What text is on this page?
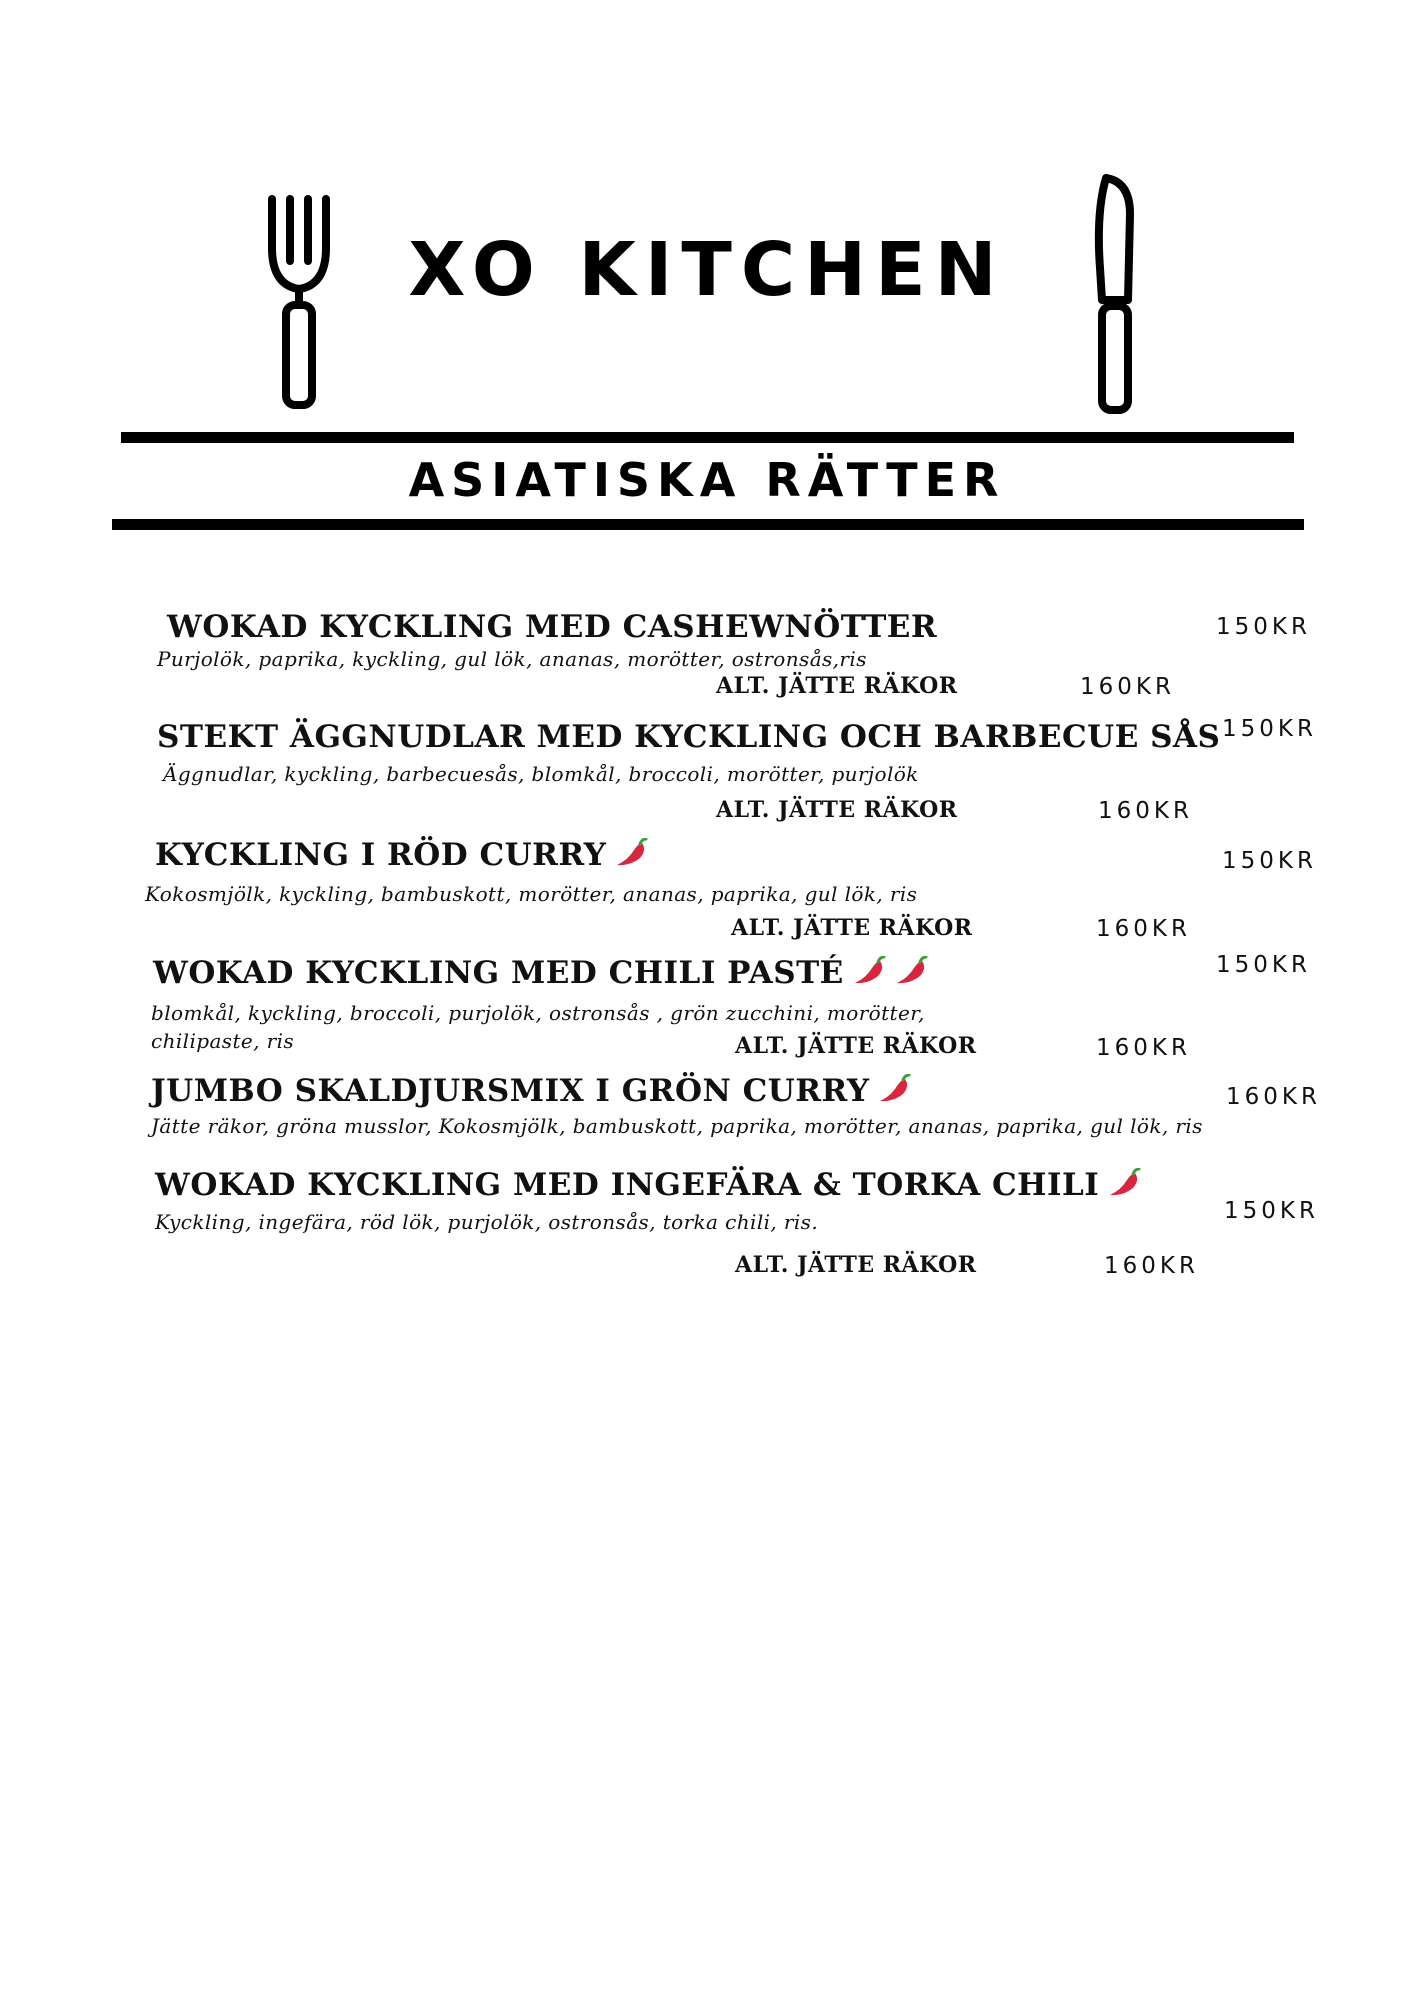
XO KITCHEN
ASIATISKA RÄTTER
WOKAD KYCKLING MED CASHEWNÖTTER	150KR
Purjolök, paprika, kyckling, gul lök, ananas, morötter, ostronsås,ris
ALT. JÄTTE RÄKOR	160KR
STEKT ÄGGNUDLAR MED KYCKLING OCH BARBECUE SÅS 150KR
Äggnudlar, kyckling, barbecuesås, blomkål, broccoli, morötter, purjolök
ALT. JÄTTE RÄKOR	160KR
KYCKLING I RÖD CURRY	150KR
Kokosmjölk, kyckling, bambuskott, morötter, ananas, paprika, gul lök, ris
ALT. JÄTTE RÄKOR	160KR
WOKAD KYCKLING MED CHILI PASTÉ	150KR
blomkål, kyckling, broccoli, purjolök, ostronsås , grön zucchini, morötter,
chilipaste, ris	ALT. JÄTTE RÄKOR	160KR
JUMBO SKALDJURSMIX I GRÖN CURRY	160KR
Jätte räkor, gröna musslor, Kokosmjölk, bambuskott, paprika, morötter, ananas, paprika, gul lök, ris
WOKAD KYCKLING MED INGEFÄRA & TORKA CHILI
150KR
Kyckling, ingefära, röd lök, purjolök, ostronsås, torka chili, ris.
ALT. JÄTTE RÄKOR	160KR
